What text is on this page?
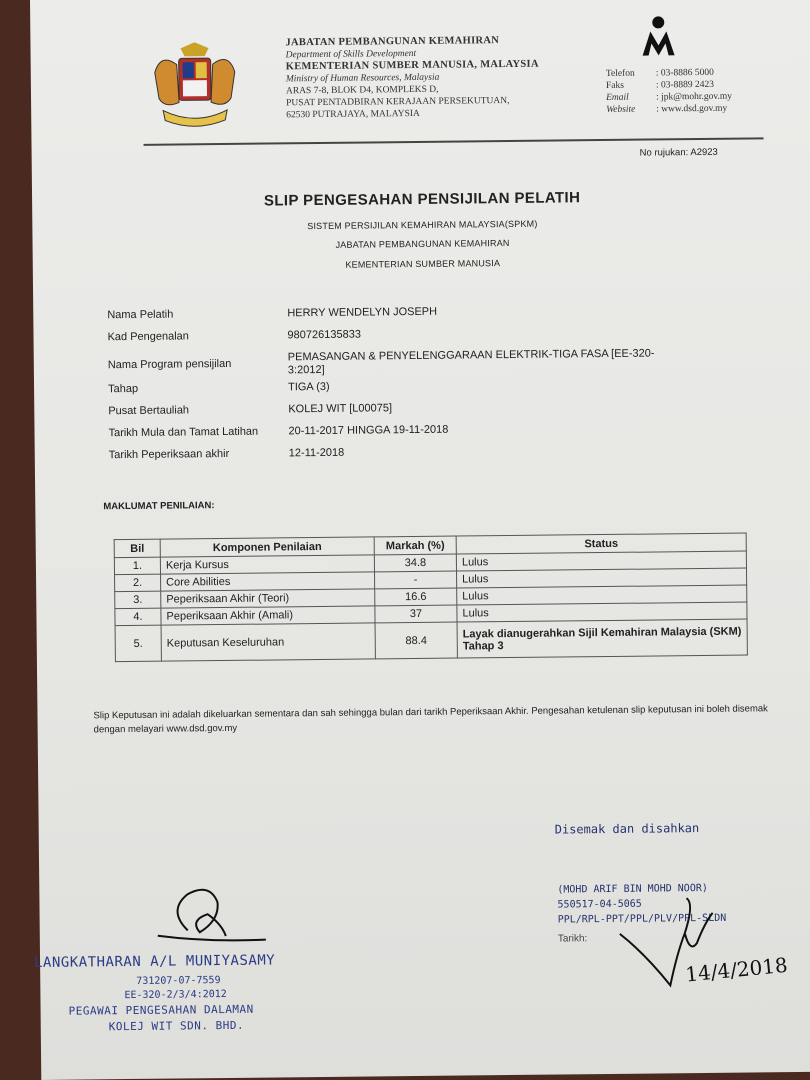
JABATAN PEMBANGUNAN KEMAHIRAN
Department of Skills Development
KEMENTERIAN SUMBER MANUSIA, MALAYSIA
Ministry of Human Resources, Malaysia
ARAS 7-8, BLOK D4, KOMPLEKS D,
PUSAT PENTADBIRAN KERAJAAN PERSEKUTUAN,
62530 PUTRAJAYA, MALAYSIA
Telefon	: 03-8886 5000
Faks	: 03-8889 2423
Email	: jpk@mohr.gov.my
Website	: www.dsd.gov.my
No rujukan: A2923
SLIP PENGESAHAN PENSIJILAN PELATIH
SISTEM PERSIJILAN KEMAHIRAN MALAYSIA(SPKM)
JABATAN PEMBANGUNAN KEMAHIRAN
KEMENTERIAN SUMBER MANUSIA
Nama Pelatih	HERRY WENDELYN JOSEPH
Kad Pengenalan	980726135833
Nama Program pensijilan
PEMASANGAN & PENYELENGGARAAN ELEKTRIK-TIGA FASA [EE-320-3:2012]
Tahap	TIGA (3)
Pusat Bertauliah	KOLEJ WIT [L00075]
Tarikh Mula dan Tamat Latihan	20-11-2017 HINGGA 19-11-2018
Tarikh Peperiksaan akhir	12-11-2018
MAKLUMAT PENILAIAN:
Bil	Komponen Penilaian	Markah (%)	Status
1.	Kerja Kursus	34.8	Lulus
2.	Core Abilities	-	Lulus
3.	Peperiksaan Akhir (Teori)	16.6	Lulus
4.	Peperiksaan Akhir (Amali)	37	Lulus
5.	Keputusan Keseluruhan	88.4	Layak dianugerahkan Sijil Kemahiran Malaysia (SKM) Tahap 3
Slip Keputusan ini adalah dikeluarkan sementara dan sah sehingga bulan dari tarikh Peperiksaan Akhir. Pengesahan ketulenan slip keputusan ini boleh disemak dengan melayari www.dsd.gov.my
Disemak dan disahkan
(MOHD ARIF BIN MOHD NOOR)
550517-04-5065
PPL/RPL-PPT/PPL/PLV/PPL-SLDN
Tarikh:
14/4/2018
LANGKATHARAN A/L MUNIYASAMY
731207-07-7559
EE-320-2/3/4:2012
PEGAWAI PENGESAHAN DALAMAN
KOLEJ WIT SDN. BHD.
